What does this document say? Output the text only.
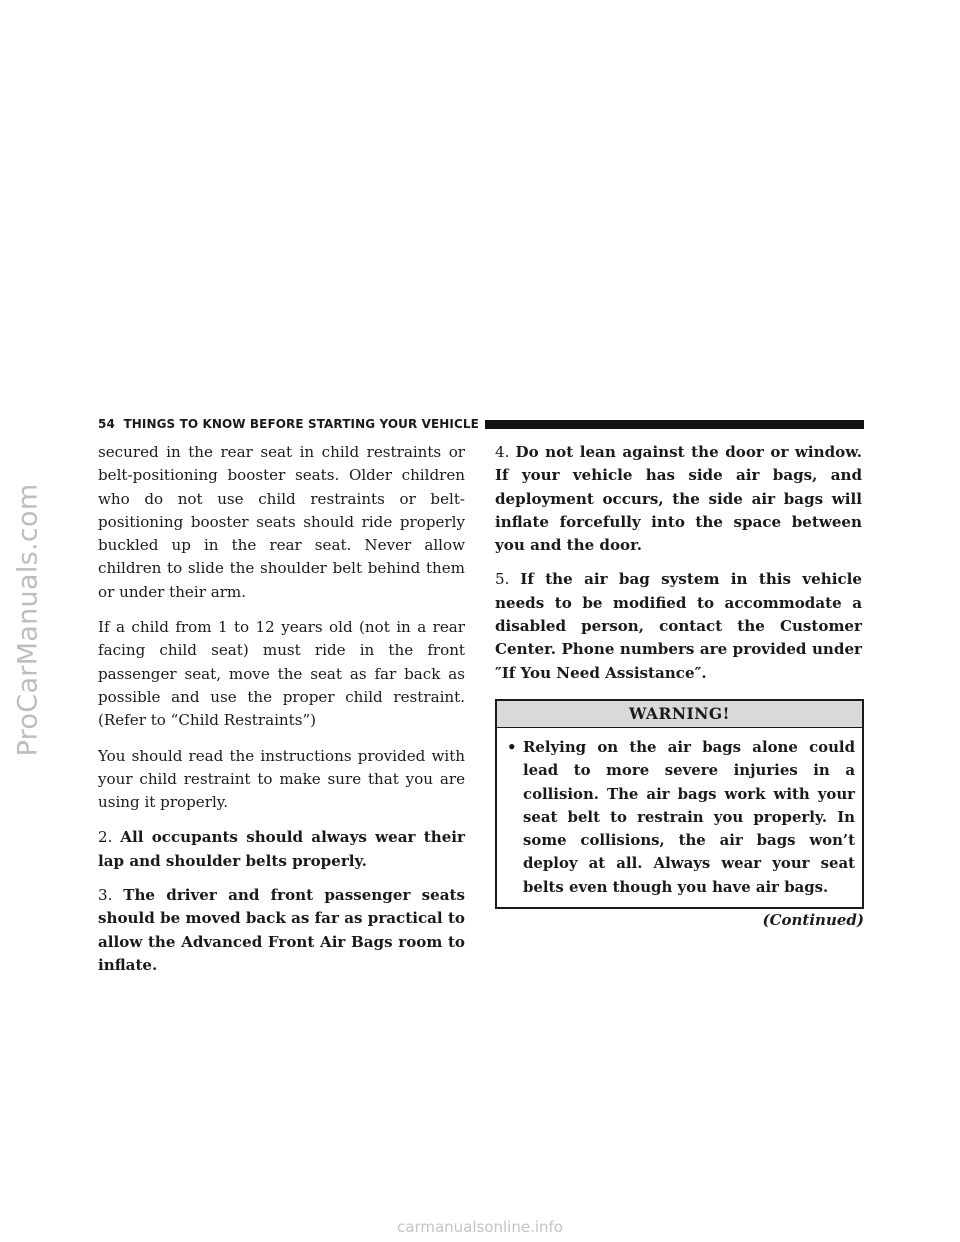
ProCarManuals.com
54 THINGS TO KNOW BEFORE STARTING YOUR VEHICLE

secured in the rear seat in child restraints or belt-positioning booster seats. Older children who do not use child restraints or belt-positioning booster seats should ride properly buckled up in the rear seat. Never allow children to slide the shoulder belt behind them or under their arm.

If a child from 1 to 12 years old (not in a rear facing child seat) must ride in the front passenger seat, move the seat as far back as possible and use the proper child restraint. (Refer to “Child Restraints”)

You should read the instructions provided with your child restraint to make sure that you are using it properly.

2. All occupants should always wear their lap and shoulder belts properly.

3. The driver and front passenger seats should be moved back as far as practical to allow the Advanced Front Air Bags room to inflate.

4. Do not lean against the door or window. If your vehicle has side air bags, and deployment occurs, the side air bags will inflate forcefully into the space between you and the door.

5. If the air bag system in this vehicle needs to be modified to accommodate a disabled person, contact the Customer Center. Phone numbers are provided under ″If You Need Assistance″.

WARNING!
• Relying on the air bags alone could lead to more severe injuries in a collision. The air bags work with your seat belt to restrain you properly. In some collisions, the air bags won’t deploy at all. Always wear your seat belts even though you have air bags.
(Continued)
carmanualsonline.info
